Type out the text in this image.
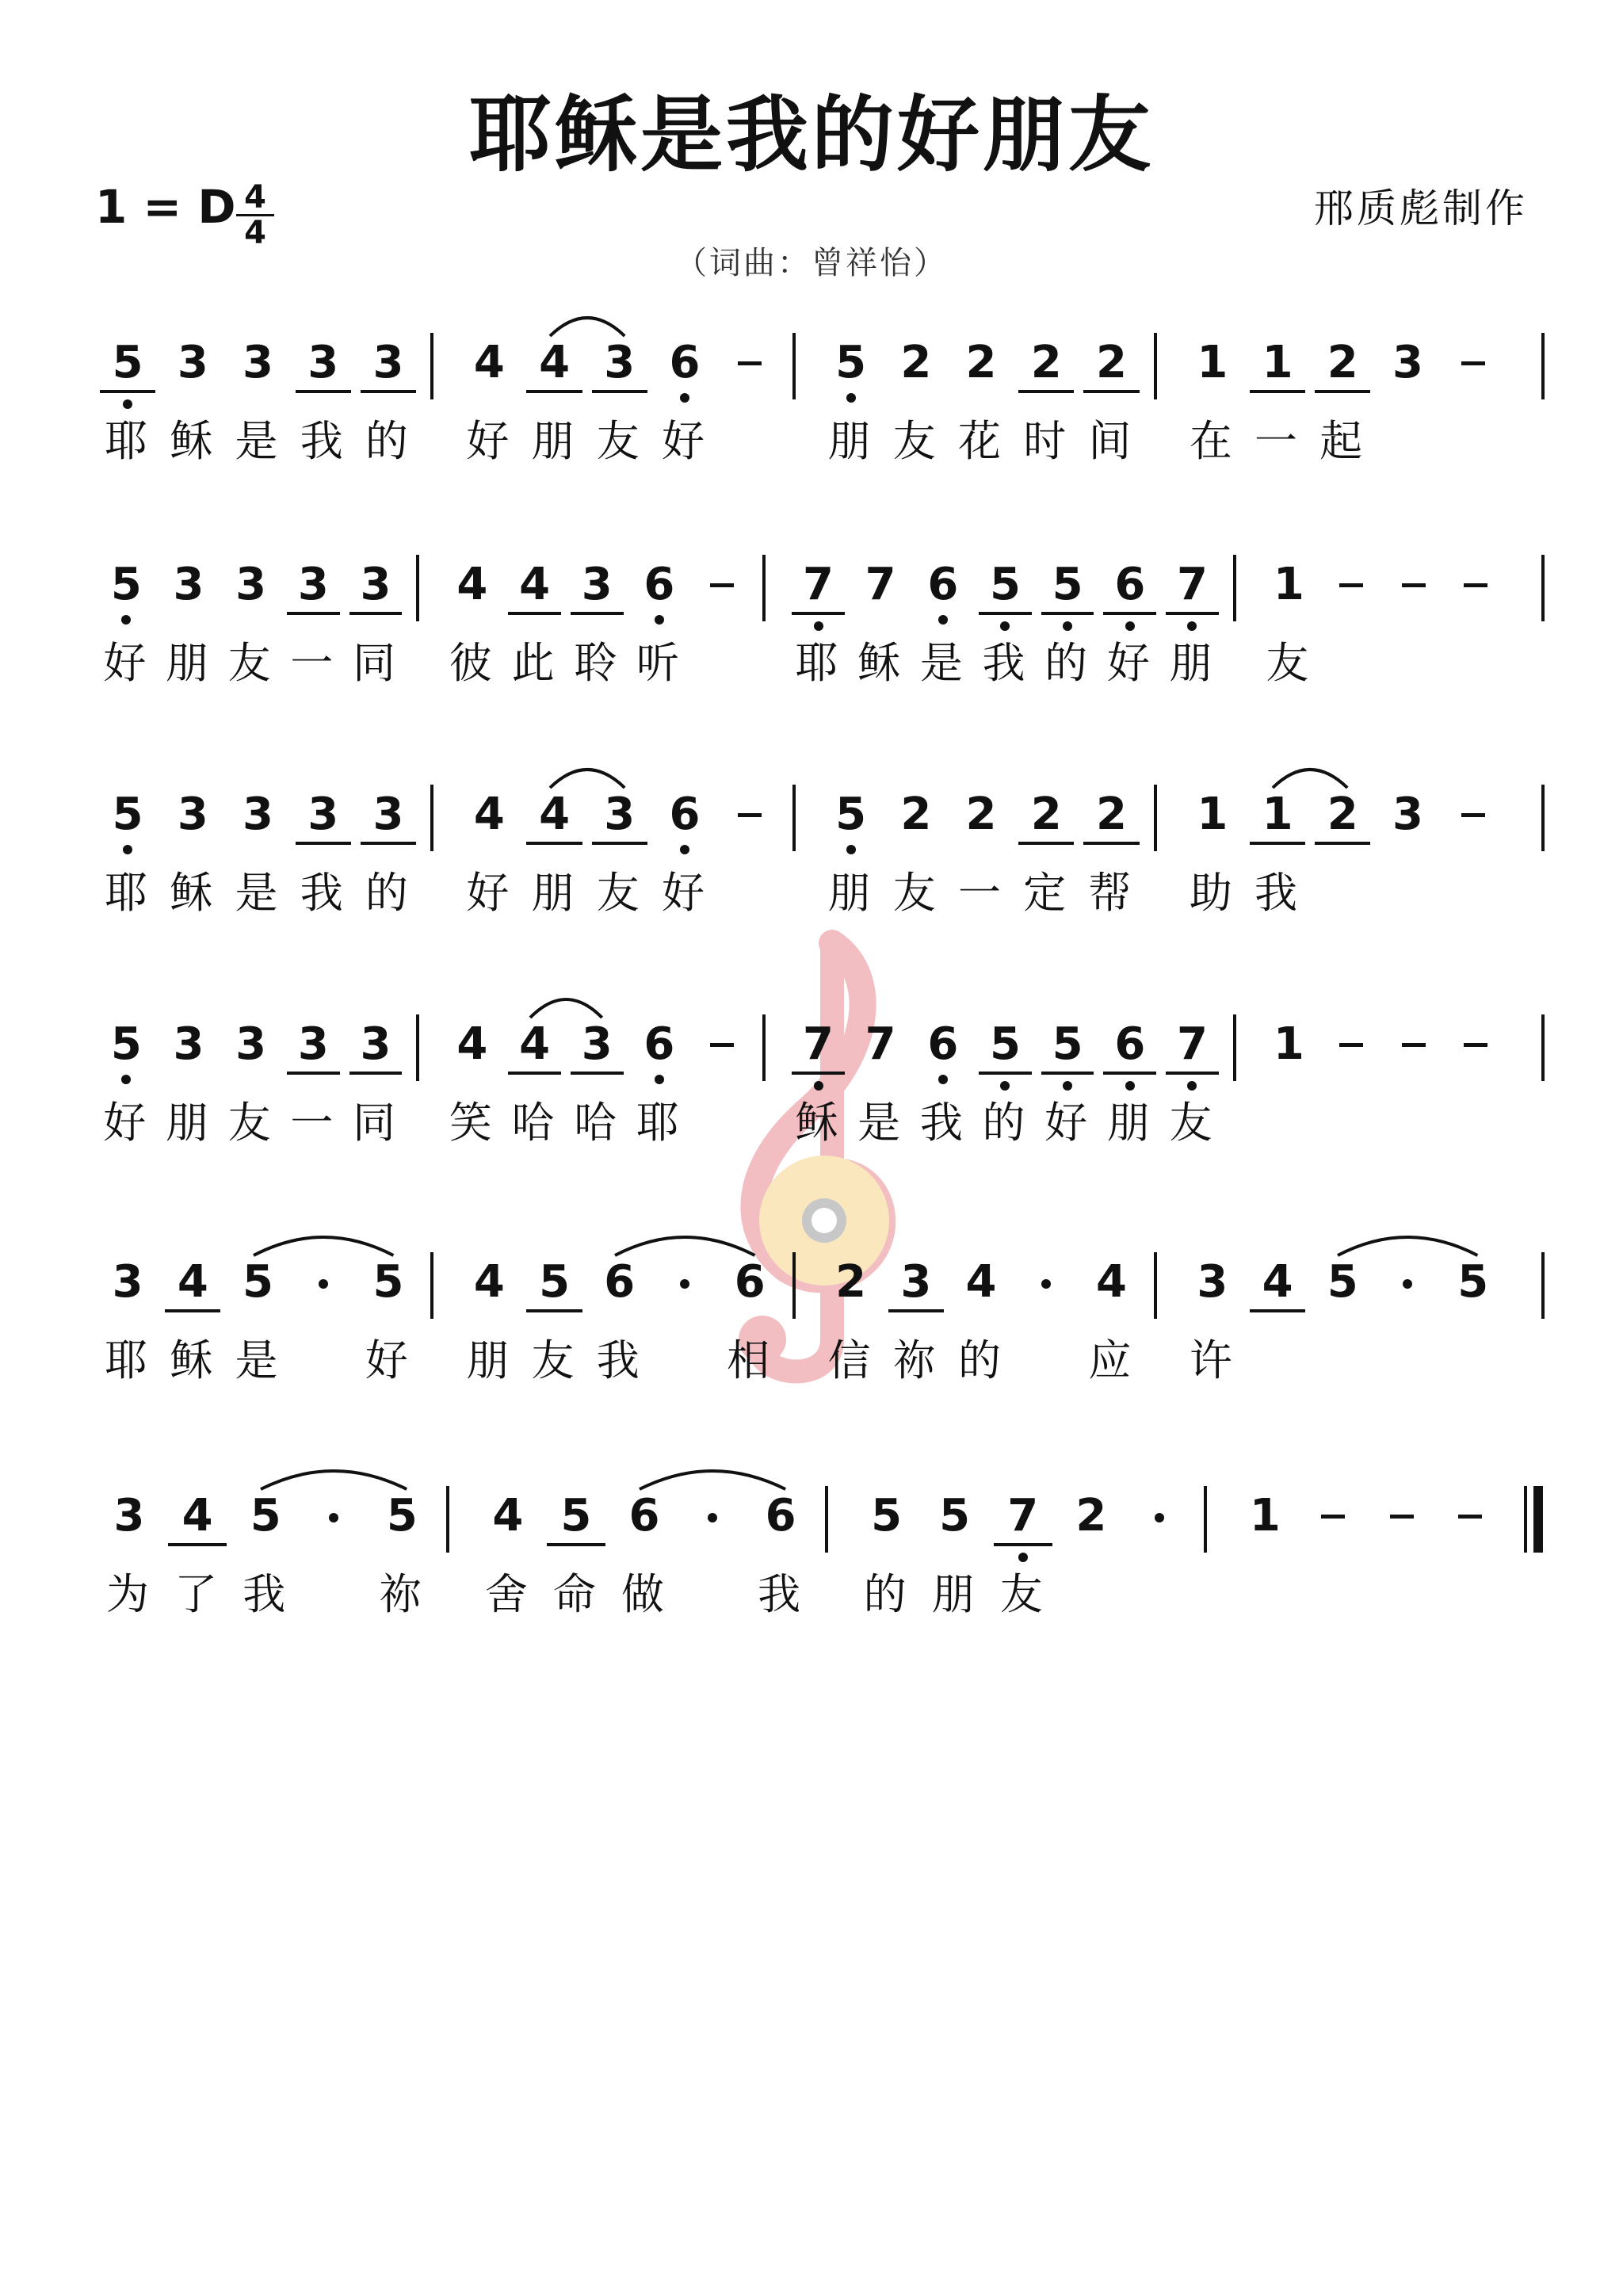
耶稣是我的好朋友
1 = D 4
4
邢质彪制作
（词曲：曾祥怡）
5 3 3 3 3 4 4 3 6	5 2 2 2 2 1 1 2 3
耶 稣 是 我 的 好 朋 友 好	朋 友 花 时 间 在 一 起
5 3 3 3 3 4 4 3 6	7 7 6 5 5 6 7 1
好 朋 友 一 同 彼 此 聆 听	耶 稣 是 我 的 好 朋 友
5 3 3 3 3 4 4 3 6	5 2 2 2 2 1 1 2 3
耶 稣 是 我 的 好 朋 友 好	朋 友 一 定 帮 助 我
5 3 3 3 3 4 4 3 6	7 7 6 5 5 6 7 1
好 朋 友 一 同 笑 哈 哈 耶	稣 是 我 的 好 朋 友
3 4 5 5 4 5 6 6 2 3 4 4 3 4 5 5
耶 稣 是 好 朋 友 我 相 信 祢 的 应 许
3 4 5 5 4 5 6 6 5 5 7 2	1
为 了 我 祢 舍 命 做 我 的 朋 友
